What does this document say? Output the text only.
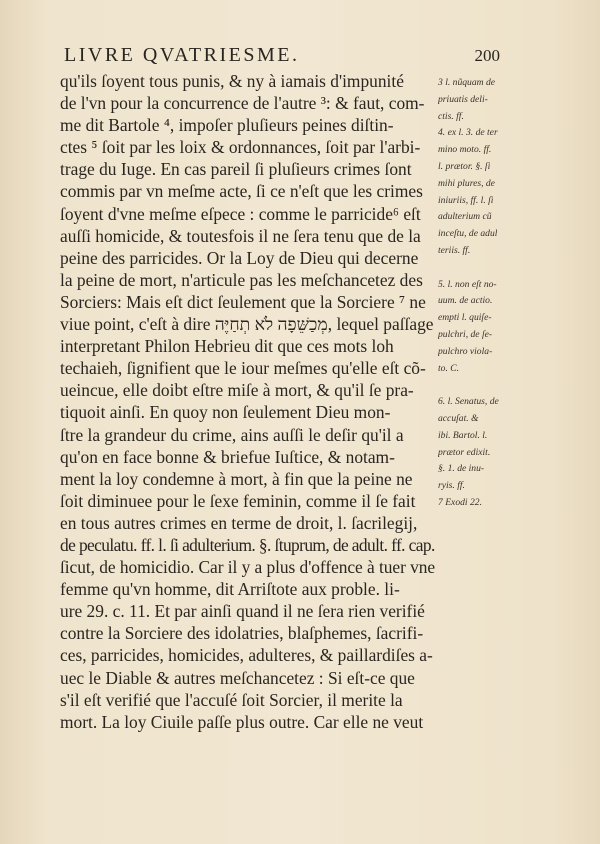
LIVRE QVATRIESME.	200
qu'ils ſoyent tous punis, & ny à iamais d'impunité
de l'vn pour la concurrence de l'autre ³: & faut, com-
me dit Bartole ⁴, impoſer pluſieurs peines diſtin-
ctes ⁵ ſoit par les loix & ordonnances, ſoit par l'arbi-
trage du Iuge. En cas pareil ſi pluſieurs crimes ſont
commis par vn meſme acte, ſi ce n'eſt que les crimes
ſoyent d'vne meſme eſpece : comme le parricide⁶ eſt
auſſi homicide, & toutesfois il ne ſera tenu que de la
peine des parricides. Or la Loy de Dieu qui decerne
la peine de mort, n'articule pas les meſchancetez des
Sorciers: Mais eſt dict ſeulement que la Sorciere ⁷ ne
viue point, c'eſt à dire מְכַשֵּׁפָה לֹא תְחַיֶּה, lequel paſſage
interpretant Philon Hebrieu dit que ces mots loh
techaieh, ſignifient que le iour meſmes qu'elle eſt cõ-
ueincue, elle doibt eſtre miſe à mort, & qu'il ſe pra-
tiquoit ainſi. En quoy non ſeulement Dieu mon-
ſtre la grandeur du crime, ains auſſi le deſir qu'il a
qu'on en face bonne & briefue Iuſtice, & notam-
ment la loy condemne à mort, à fin que la peine ne
ſoit diminuee pour le ſexe feminin, comme il ſe fait
en tous autres crimes en terme de droit, l. ſacrilegij,
de peculatu. ff. l. ſi adulterium. §. ſtuprum, de adult. ff. cap.
ſicut, de homicidio. Car il y a plus d'offence à tuer vne
femme qu'vn homme, dit Arriſtote aux proble. li-
ure 29. c. 11. Et par ainſi quand il ne ſera rien verifié
contre la Sorciere des idolatries, blaſphemes, ſacrifi-
ces, parricides, homicides, adulteres, & paillardiſes a-
uec le Diable & autres meſchancetez : Si eſt-ce que
s'il eſt verifié que l'accuſé ſoit Sorcier, il merite la
mort. La loy Ciuile paſſe plus outre. Car elle ne veut
3 l. nũquam de
priuatis deli-
ctis. ff.
4. ex l. 3. de ter
mino moto. ff.
l. prætor. §. ſi
mihi plures, de
iniuriis, ff. l. ſi
adulterium cũ
inceſtu, de adul
teriis. ff.
5. l. non eſt no-
uum. de actio.
empti l. quiſe-
pulchri, de ſe-
pulchro viola-
to. C.
6. l. Senatus, de
accuſat. &
ibi. Bartol. l.
prætor edixit.
§. 1. de inu-
ryis. ff.
7 Exodi 22.
